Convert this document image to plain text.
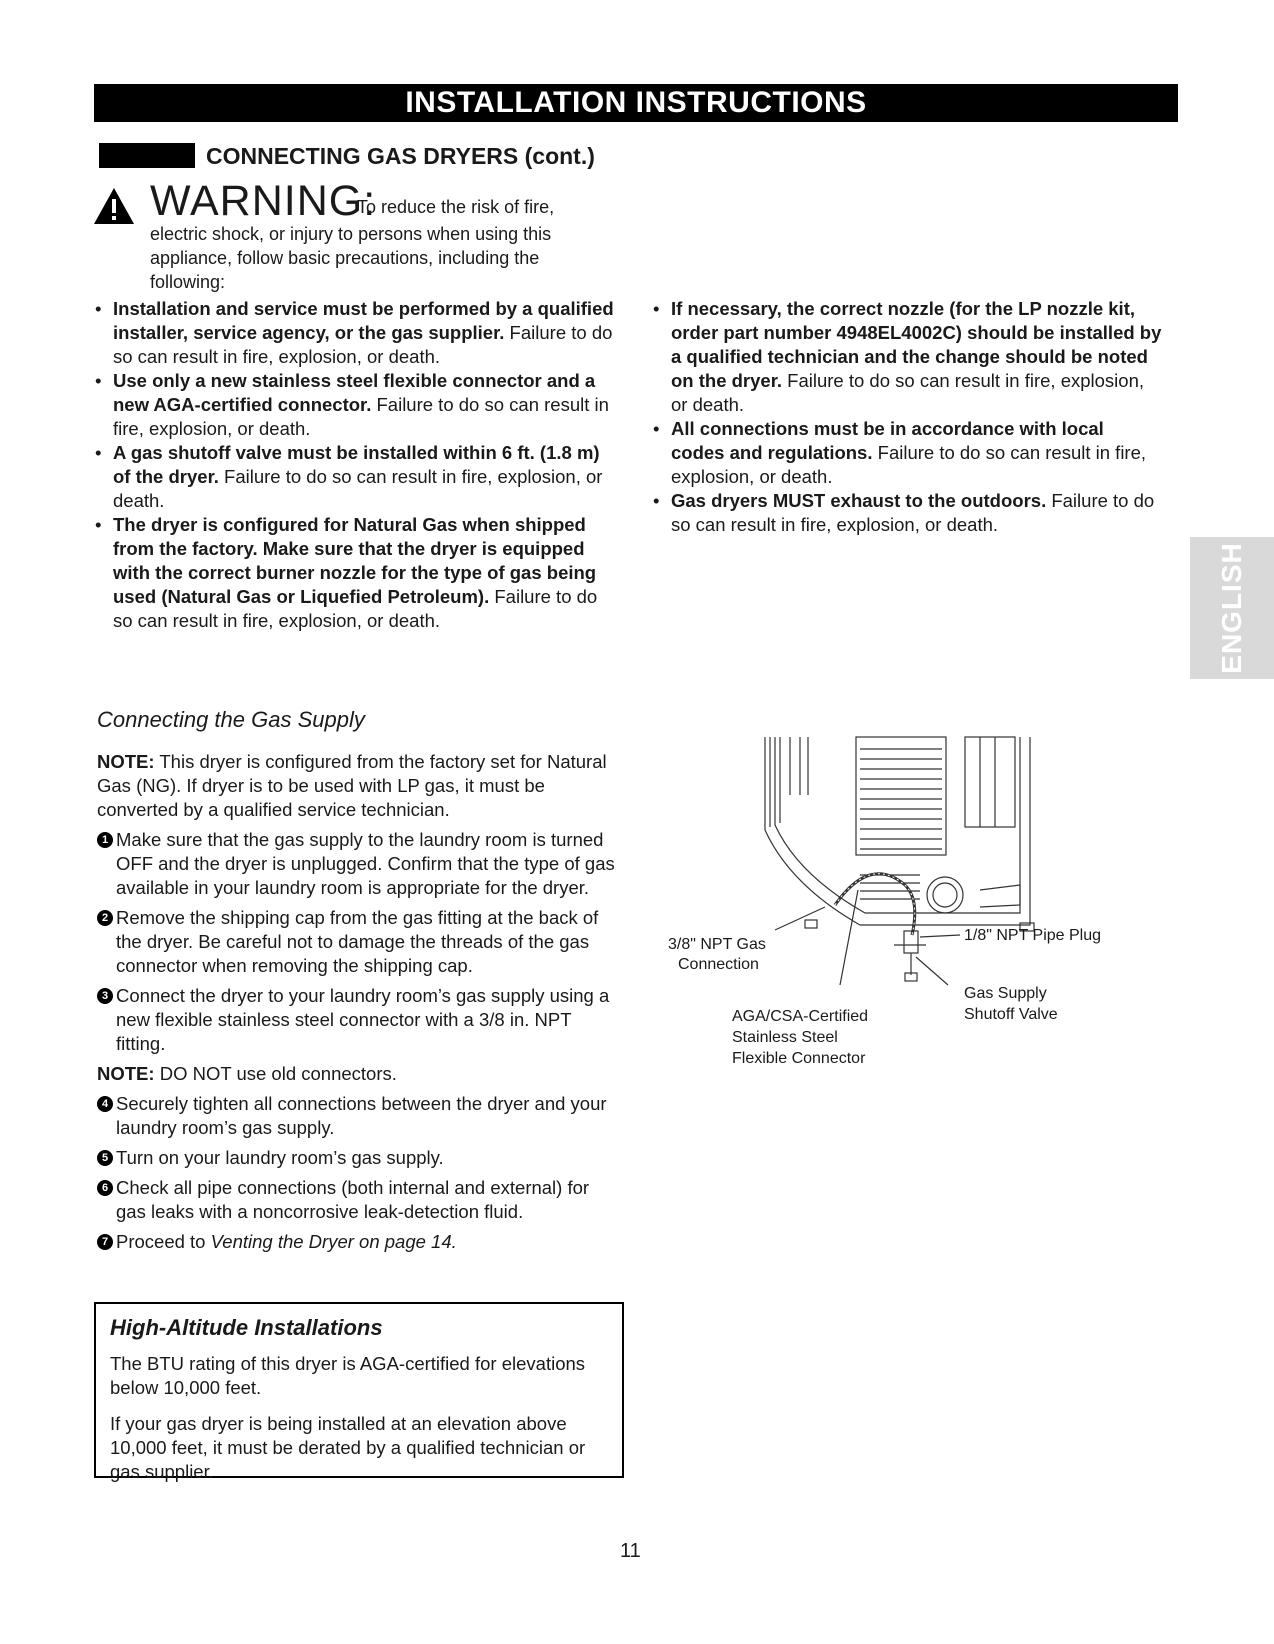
INSTALLATION INSTRUCTIONS
CONNECTING GAS DRYERS (cont.)
WARNING:
To reduce the risk of fire,
electric shock, or injury to persons when using this appliance, follow basic precautions, including the following:
• Installation and service must be performed by a qualified installer, service agency, or the gas supplier. Failure to do so can result in fire, explosion, or death.
• Use only a new stainless steel flexible connector and a new AGA-certified connector. Failure to do so can result in fire, explosion, or death.
• A gas shutoff valve must be installed within 6 ft. (1.8 m) of the dryer. Failure to do so can result in fire, explosion, or death.
• The dryer is configured for Natural Gas when shipped from the factory. Make sure that the dryer is equipped with the correct burner nozzle for the type of gas being used (Natural Gas or Liquefied Petroleum). Failure to do so can result in fire, explosion, or death.
• If necessary, the correct nozzle (for the LP nozzle kit, order part number 4948EL4002C) should be installed by a qualified technician and the change should be noted on the dryer. Failure to do so can result in fire, explosion, or death.
• All connections must be in accordance with local codes and regulations. Failure to do so can result in fire, explosion, or death.
• Gas dryers MUST exhaust to the outdoors. Failure to do so can result in fire, explosion, or death.
ENGLISH
Connecting the Gas Supply

NOTE: This dryer is configured from the factory set for Natural Gas (NG). If dryer is to be used with LP gas, it must be converted by a qualified service technician.

1 Make sure that the gas supply to the laundry room is turned OFF and the dryer is unplugged. Confirm that the type of gas available in your laundry room is appropriate for the dryer.
2 Remove the shipping cap from the gas fitting at the back of the dryer. Be careful not to damage the threads of the gas connector when removing the shipping cap.
3 Connect the dryer to your laundry room’s gas supply using a new flexible stainless steel connector with a 3/8 in. NPT fitting.

NOTE: DO NOT use old connectors.

4 Securely tighten all connections between the dryer and your laundry room’s gas supply.
5 Turn on your laundry room’s gas supply.
6 Check all pipe connections (both internal and external) for gas leaks with a noncorrosive leak-detection fluid.
7 Proceed to Venting the Dryer on page 14.
3/8" NPT Gas
Connection
1/8" NPT Pipe Plug
Gas Supply
Shutoff Valve
AGA/CSA-Certified
Stainless Steel
Flexible Connector
High-Altitude Installations
The BTU rating of this dryer is AGA-certified for elevations below 10,000 feet.
If your gas dryer is being installed at an elevation above 10,000 feet, it must be derated by a qualified technician or gas supplier.
11
